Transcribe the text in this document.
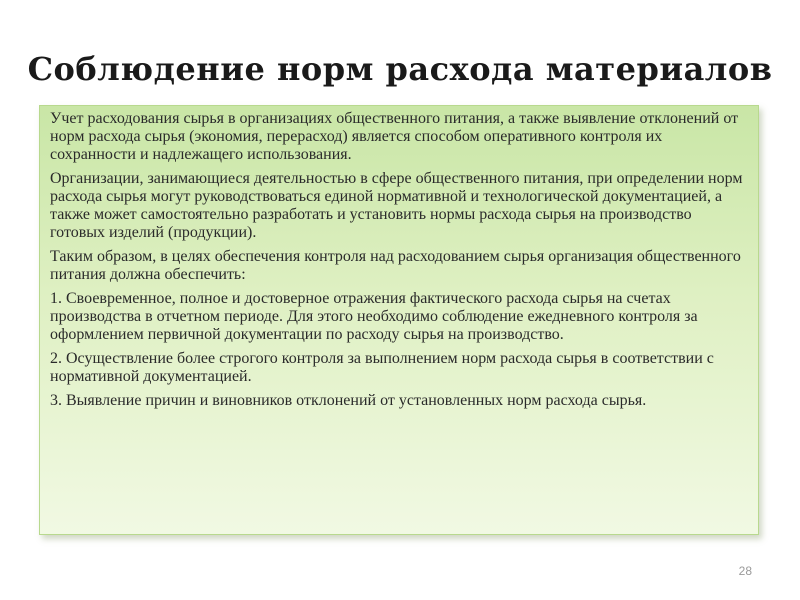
Соблюдение норм расхода материалов

Учет расходования сырья в организациях общественного питания, а также выявление отклонений от норм расхода сырья (экономия, перерасход) является способом оперативного контроля их сохранности и надлежащего использования.

Организации, занимающиеся деятельностью в сфере общественного питания, при определении норм расхода сырья могут руководствоваться единой нормативной и технологической документацией, а также может самостоятельно разработать и установить нормы расхода сырья на производство готовых изделий (продукции).

Таким образом, в целях обеспечения контроля над расходованием сырья организация общественного питания должна обеспечить:

1. Своевременное, полное и достоверное отражения фактического расхода сырья на счетах производства в отчетном периоде. Для этого необходимо соблюдение ежедневного контроля за оформлением первичной документации по расходу сырья на производство.

2. Осуществление более строгого контроля за выполнением норм расхода сырья в соответствии с нормативной документацией.

3. Выявление причин и виновников отклонений от установленных норм расхода сырья.

28
